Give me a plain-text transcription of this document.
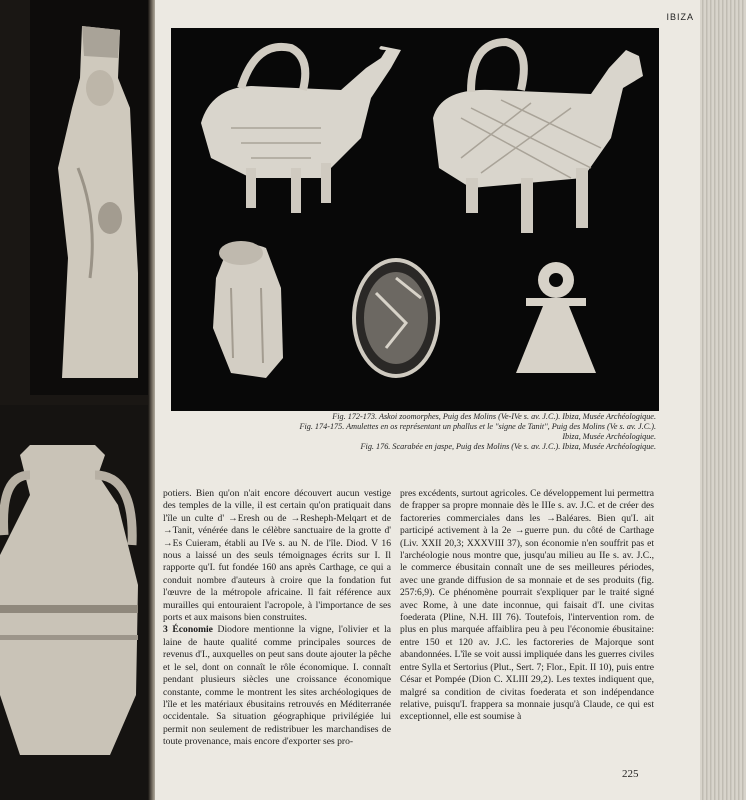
IBIZA
Fig. 172-173. Askoi zoomorphes, Puig des Molins (Ve-IVe s. av. J.C.). Ibiza, Musée Archéologique.
Fig. 174-175. Amulettes en os représentant un phallus et le ''signe de Tanit'', Puig des Molins (Ve s. av. J.C.).
Ibiza, Musée Archéologique.
Fig. 176. Scarabée en jaspe, Puig des Molins (Ve s. av. J.C.). Ibiza, Musée Archéologique.

potiers. Bien qu'on n'ait encore découvert aucun vestige des temples de la ville, il est certain qu'on pratiquait dans l'île un culte d' →Eresh ou de →Resheph-Melqart et de →Tanit, vénérée dans le célèbre sanctuaire de la grotte d' →Es Cuieram, établi au IVe s. au N. de l'île. Diod. V 16 nous a laissé un des seuls témoignages écrits sur I. Il rapporte qu'I. fut fondée 160 ans après Carthage, ce qui a conduit nombre d'auteurs à croire que la fondation fut l'œuvre de la métropole africaine. Il fait référence aux murailles qui entouraient l'acropole, à l'importance de ses ports et aux maisons bien construites.

3 Économie Diodore mentionne la vigne, l'olivier et la laine de haute qualité comme principales sources de revenus d'I., auxquelles on peut sans doute ajouter la pêche et le sel, dont on connaît le rôle économique. I. connaît pendant plusieurs siècles une croissance économique constante, comme le montrent les sites archéologiques de l'île et les matériaux ébusitains retrouvés en Méditerranée occidentale. Sa situation géographique privilégiée lui permit non seulement de redistribuer les marchandises de toute provenance, mais encore d'exporter ses pro-

pres excédents, surtout agricoles. Ce développement lui permettra de frapper sa propre monnaie dès le IIIe s. av. J.C. et de créer des factoreries commerciales dans les →Baléares. Bien qu'I. ait participé activement à la 2e →guerre pun. du côté de Carthage (Liv. XXII 20,3; XXXVIII 37), son économie n'en souffrit pas et l'archéologie nous montre que, jusqu'au milieu au IIe s. av. J.C., le commerce ébusitain connaît une de ses meilleures périodes, avec une grande diffusion de sa monnaie et de ses produits (fig. 257:6,9). Ce phénomène pourrait s'expliquer par le traité signé avec Rome, à une date inconnue, qui faisait d'I. une civitas foederata (Pline, N.H. III 76). Toutefois, l'intervention rom. de plus en plus marquée affaiblira peu à peu l'économie ébusitaine: entre 150 et 120 av. J.C. les factoreries de Majorque sont abandonnées. L'île se voit aussi impliquée dans les guerres civiles entre Sylla et Sertorius (Plut., Sert. 7; Flor., Epit. II 10), puis entre César et Pompée (Dion C. XLIII 29,2). Les textes indiquent que, malgré sa condition de civitas foederata et son indépendance relative, puisqu'I. frappera sa monnaie jusqu'à Claude, ce qui est exceptionnel, elle est soumise à

225
